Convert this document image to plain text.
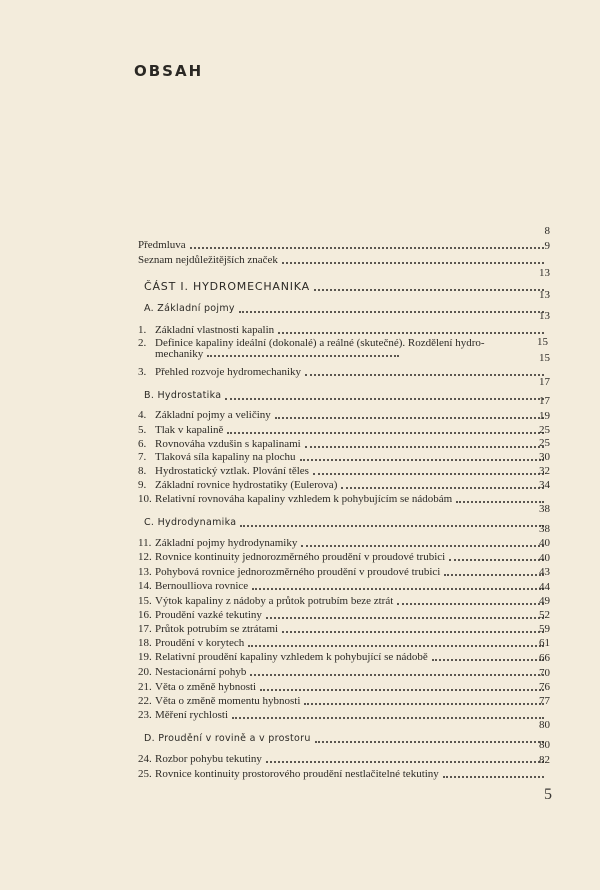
OBSAH
Předmluva
8
Seznam nejdůležitějších značek
9
ČÁST I. HYDROMECHANIKA
13
A. Základní pojmy
13
1. Základní vlastnosti kapalin
13
2. Definice kapaliny ideální (dokonalé) a reálné (skutečné). Rozdělení hydro-
3. Přehled rozvoje hydromechaniky
15
B. Hydrostatika
17
4. Základní pojmy a veličiny
17
5. Tlak v kapalině
19
6. Rovnováha vzdušin s kapalinami
25
7. Tlaková síla kapaliny na plochu
25
8. Hydrostatický vztlak. Plování těles
30
9. Základní rovnice hydrostatiky (Eulerova)
32
10. Relativní rovnováha kapaliny vzhledem k pohybujícím se nádobám
34
C. Hydrodynamika
38
11. Základní pojmy hydrodynamiky
38
12. Rovnice kontinuity jednorozměrného proudění v proudové trubici
40
13. Pohybová rovnice jednorozměrného proudění v proudové trubici
40
14. Bernoulliova rovnice
43
15. Výtok kapaliny z nádoby a průtok potrubím beze ztrát
44
16. Proudění vazké tekutiny
49
17. Průtok potrubím se ztrátami
52
18. Proudění v korytech
59
19. Relativní proudění kapaliny vzhledem k pohybující se nádobě
61
20. Nestacionární pohyb
66
21. Věta o změně hybnosti
70
22. Věta o změně momentu hybnosti
76
23. Měření rychlosti
77
D. Proudění v rovině a v prostoru
80
24. Rozbor pohybu tekutiny
80
25. Rovnice kontinuity prostorového proudění nestlačitelné tekutiny
82
mechaniky
15
5
